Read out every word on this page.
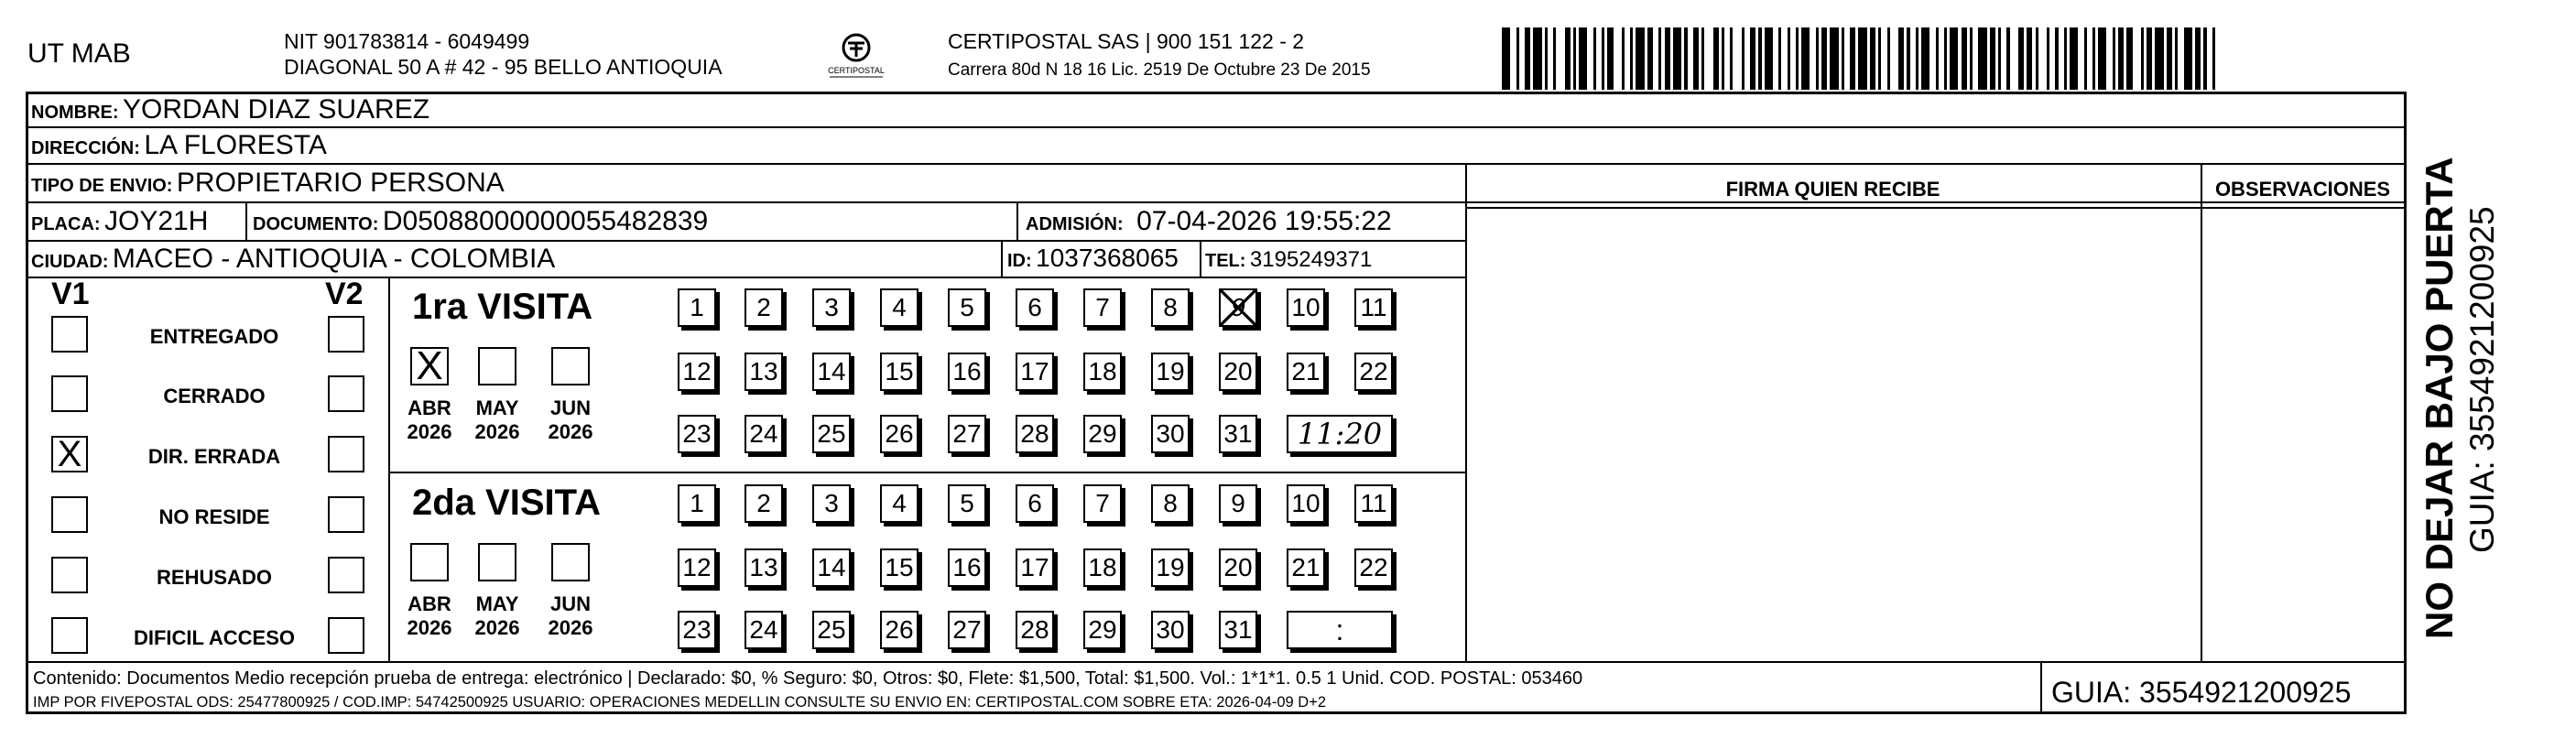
UT MAB	NIT 901783814 - 6049499
DIAGONAL 50 A # 42 - 95 BELLO ANTIOQUIA	CERTIPOSTAL
CERTIPOSTAL SAS | 900 151 122 - 2
Carrera 80d N 18 16 Lic. 2519 De Octubre 23 De 2015
NOMBRE: YORDAN DIAZ SUAREZ
DIRECCIÓN: LA FLORESTA
TIPO DE ENVIO: PROPIETARIO PERSONA
PLACA: JOY21H DOCUMENTO: D05088000000055482839	ADMISIÓN: 07-04-2026 19:55:22
CIUDAD: MACEO - ANTIOQUIA - COLOMBIA	ID: 1037368065 TEL: 3195249371
FIRMA QUIEN RECIBE	OBSERVACIONES
V1	V2
ENTREGADO
CERRADO
X	DIR. ERRADA
NO RESIDE
REHUSADO
DIFICIL ACCESO
1ra VISITA
X
ABR
2026
MAY
2026
JUN
2026
1	2	3	4	5	6	7	8	9	10 11
12 13 14 15 16 17 18 19 20 21 22
23 24 25 26 27 28 29 30 31	11:20
2da VISITA
ABR
2026
MAY
2026
JUN
2026
1	2	3	4	5	6	7	8	9	10 11
12 13 14 15 16 17 18 19 20 21 22
23 24 25 26 27 28 29 30 31	:
Contenido: Documentos Medio recepción prueba de entrega: electrónico | Declarado: $0, % Seguro: $0, Otros: $0, Flete: $1,500, Total: $1,500. Vol.: 1*1*1. 0.5 1 Unid. COD. POSTAL: 053460
IMP POR FIVEPOSTAL ODS: 25477800925 / COD.IMP: 54742500925 USUARIO: OPERACIONES MEDELLIN CONSULTE SU ENVIO EN: CERTIPOSTAL.COM SOBRE ETA: 2026-04-09 D+2	GUIA: 3554921200925
NO DEJAR BAJO PUERTA GUIA: 3554921200925
